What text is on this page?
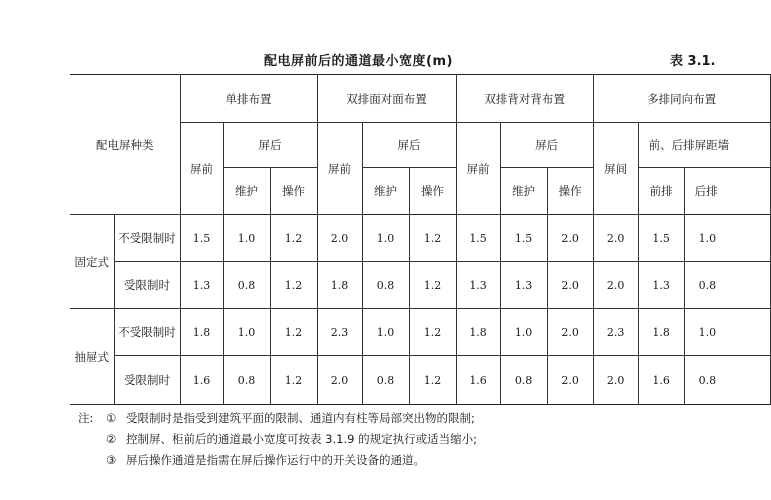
配电屏前后的通道最小宽度(m)	表 3.1.
配电屏种类		单排布置			双排面对面布置			双排背对背布置			多排同向布置		
		屏前	屏后		屏前	屏后		屏前	屏后		屏间	前、后排屏距墙	
			维护	操作		维护	操作		维护	操作		前排	后排
固定式	不受限制时	1.5	1.0	1.2	2.0	1.0	1.2	1.5	1.5	2.0	2.0	1.5	1.0
	受限制时	1.3	0.8	1.2	1.8	0.8	1.2	1.3	1.3	2.0	2.0	1.3	0.8
抽屉式	不受限制时	1.8	1.0	1.2	2.3	1.0	1.2	1.8	1.0	2.0	2.3	1.8	1.0
	受限制时	1.6	0.8	1.2	2.0	0.8	1.2	1.6	0.8	2.0	2.0	1.6	0.8
注: ① 受限制时是指受到建筑平面的限制、通道内有柱等局部突出物的限制;
② 控制屏、柜前后的通道最小宽度可按表 3.1.9 的规定执行或适当缩小;
③ 屏后操作通道是指需在屏后操作运行中的开关设备的通道。
